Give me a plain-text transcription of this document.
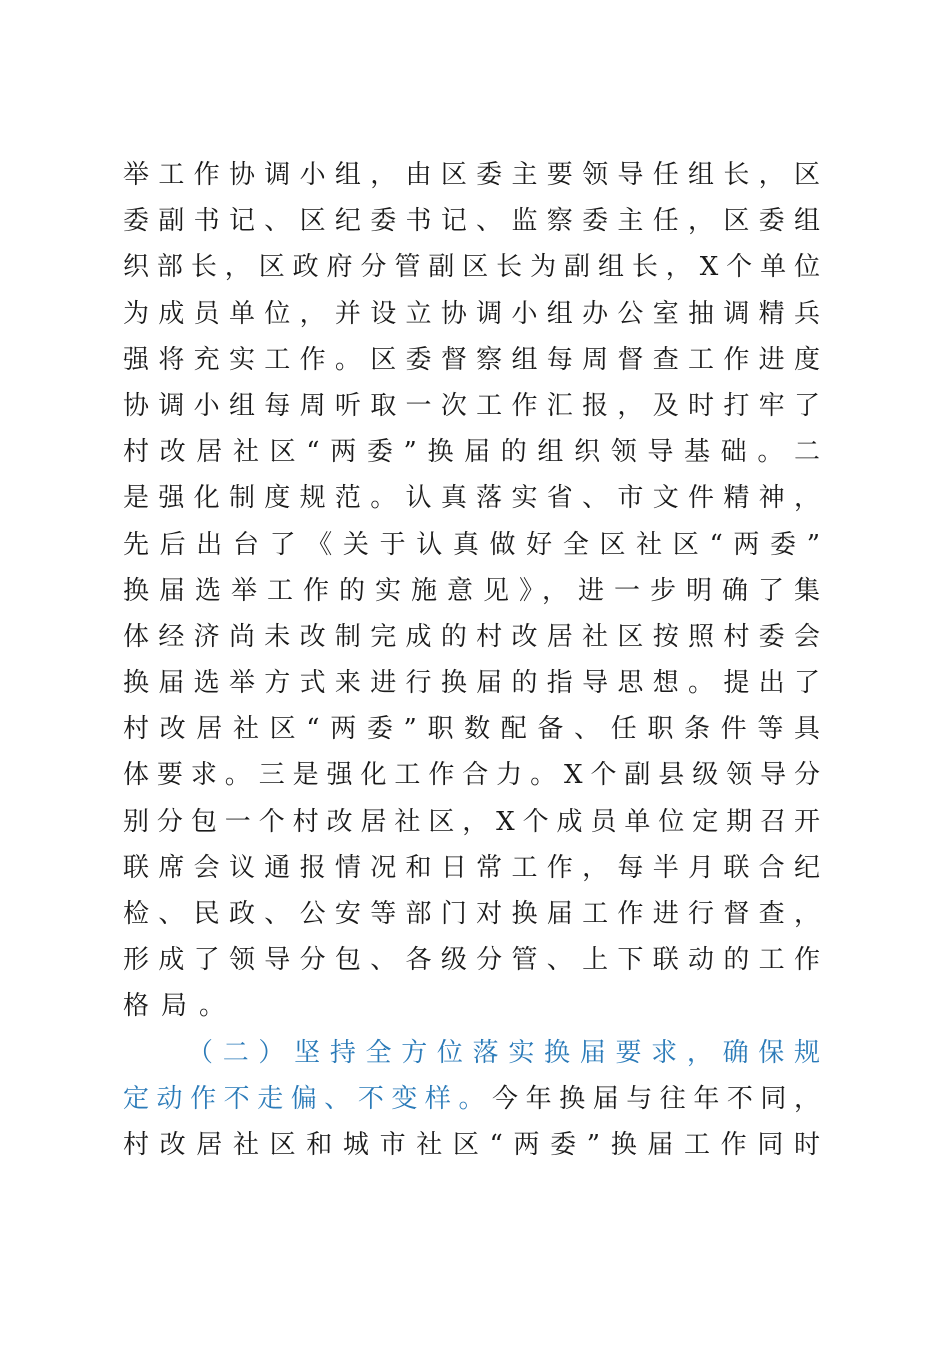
举工作协调小组，由区委主要领导任组长，区
委副书记、区纪委书记、监察委主任，区委组
织部长，区政府分管副区长为副组长，X个单位
为成员单位，并设立协调小组办公室抽调精兵
强将充实工作。区委督察组每周督查工作进度
协调小组每周听取一次工作汇报，及时打牢了
村改居社区“两委”换届的组织领导基础。二
是强化制度规范。认真落实省、市文件精神，
先后出台了《关于认真做好全区社区“两委”
换届选举工作的实施意见》，进一步明确了集
体经济尚未改制完成的村改居社区按照村委会
换届选举方式来进行换届的指导思想。提出了
村改居社区“两委”职数配备、任职条件等具
体要求。三是强化工作合力。X个副县级领导分
别分包一个村改居社区，X个成员单位定期召开
联席会议通报情况和日常工作，每半月联合纪
检、民政、公安等部门对换届工作进行督查，
形成了领导分包、各级分管、上下联动的工作
格局。
（二）坚持全方位落实换届要求，确保规
定动作不走偏、不变样。今年换届与往年不同，
村改居社区和城市社区“两委”换届工作同时
